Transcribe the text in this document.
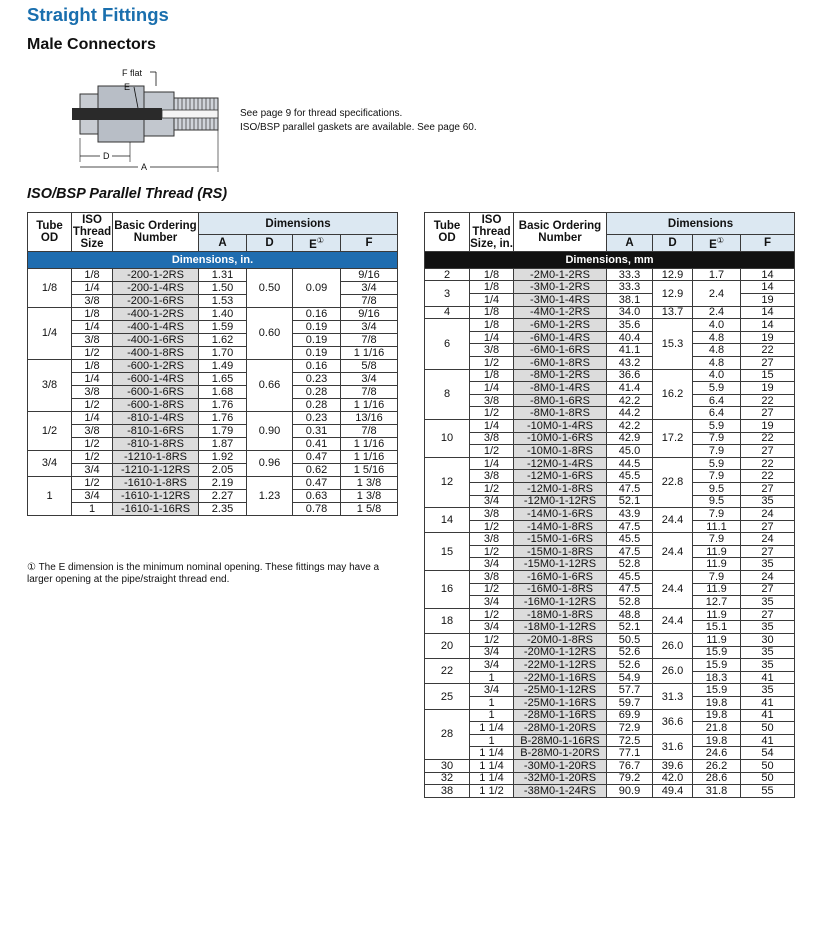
Straight Fittings
Male Connectors
F flat
E
D
A
See page 9 for thread specifications.
ISO/BSP parallel gaskets are available. See page 60.
ISO/BSP Parallel Thread (RS)
Tube OD	ISO Thread Size	Basic Ordering Number	Dimensions			
			A	D	E①	F
Dimensions, in.						
1/8	1/8	-200-1-2RS	1.31	0.50	0.09	9/16
	1/4	-200-1-4RS	1.50			3/4
	3/8	-200-1-6RS	1.53			7/8
1/4	1/8	-400-1-2RS	1.40	0.60	0.16	9/16
	1/4	-400-1-4RS	1.59		0.19	3/4
	3/8	-400-1-6RS	1.62		0.19	7/8
	1/2	-400-1-8RS	1.70		0.19	1 1/16
3/8	1/8	-600-1-2RS	1.49	0.66	0.16	5/8
	1/4	-600-1-4RS	1.65		0.23	3/4
	3/8	-600-1-6RS	1.68		0.28	7/8
	1/2	-600-1-8RS	1.76		0.28	1 1/16
1/2	1/4	-810-1-4RS	1.76	0.90	0.23	13/16
	3/8	-810-1-6RS	1.79		0.31	7/8
	1/2	-810-1-8RS	1.87		0.41	1 1/16
3/4	1/2	-1210-1-8RS	1.92	0.96	0.47	1 1/16
	3/4	-1210-1-12RS	2.05		0.62	1 5/16
1	1/2	-1610-1-8RS	2.19	1.23	0.47	1 3/8
	3/4	-1610-1-12RS	2.27		0.63	1 3/8
	1	-1610-1-16RS	2.35		0.78	1 5/8
① The E dimension is the minimum nominal opening. These fittings may have a larger opening at the pipe/straight thread end.
Tube OD	ISO Thread Size, in.	Basic Ordering Number	Dimensions			
			A	D	E①	F
Dimensions, mm						
2	1/8	-2M0-1-2RS	33.3	12.9	1.7	14
3	1/8	-3M0-1-2RS	33.3	12.9	2.4	14
	1/4	-3M0-1-4RS	38.1			19
4	1/8	-4M0-1-2RS	34.0	13.7	2.4	14
6	1/8	-6M0-1-2RS	35.6	15.3	4.0	14
	1/4	-6M0-1-4RS	40.4		4.8	19
	3/8	-6M0-1-6RS	41.1		4.8	22
	1/2	-6M0-1-8RS	43.2		4.8	27
8	1/8	-8M0-1-2RS	36.6	16.2	4.0	15
	1/4	-8M0-1-4RS	41.4		5.9	19
	3/8	-8M0-1-6RS	42.2		6.4	22
	1/2	-8M0-1-8RS	44.2		6.4	27
10	1/4	-10M0-1-4RS	42.2	17.2	5.9	19
	3/8	-10M0-1-6RS	42.9		7.9	22
	1/2	-10M0-1-8RS	45.0		7.9	27
12	1/4	-12M0-1-4RS	44.5	22.8	5.9	22
	3/8	-12M0-1-6RS	45.5		7.9	22
	1/2	-12M0-1-8RS	47.5		9.5	27
	3/4	-12M0-1-12RS	52.1		9.5	35
14	3/8	-14M0-1-6RS	43.9	24.4	7.9	24
	1/2	-14M0-1-8RS	47.5		11.1	27
15	3/8	-15M0-1-6RS	45.5	24.4	7.9	24
	1/2	-15M0-1-8RS	47.5		11.9	27
	3/4	-15M0-1-12RS	52.8		11.9	35
16	3/8	-16M0-1-6RS	45.5	24.4	7.9	24
	1/2	-16M0-1-8RS	47.5		11.9	27
	3/4	-16M0-1-12RS	52.8		12.7	35
18	1/2	-18M0-1-8RS	48.8	24.4	11.9	27
	3/4	-18M0-1-12RS	52.1		15.1	35
20	1/2	-20M0-1-8RS	50.5	26.0	11.9	30
	3/4	-20M0-1-12RS	52.6		15.9	35
22	3/4	-22M0-1-12RS	52.6	26.0	15.9	35
	1	-22M0-1-16RS	54.9		18.3	41
25	3/4	-25M0-1-12RS	57.7	31.3	15.9	35
	1	-25M0-1-16RS	59.7		19.8	41
28	1	-28M0-1-16RS	69.9	36.6	19.8	41
	1 1/4	-28M0-1-20RS	72.9		21.8	50
	1	B-28M0-1-16RS	72.5	31.6	19.8	41
	1 1/4	B-28M0-1-20RS	77.1		24.6	54
30	1 1/4	-30M0-1-20RS	76.7	39.6	26.2	50
32	1 1/4	-32M0-1-20RS	79.2	42.0	28.6	50
38	1 1/2	-38M0-1-24RS	90.9	49.4	31.8	55
